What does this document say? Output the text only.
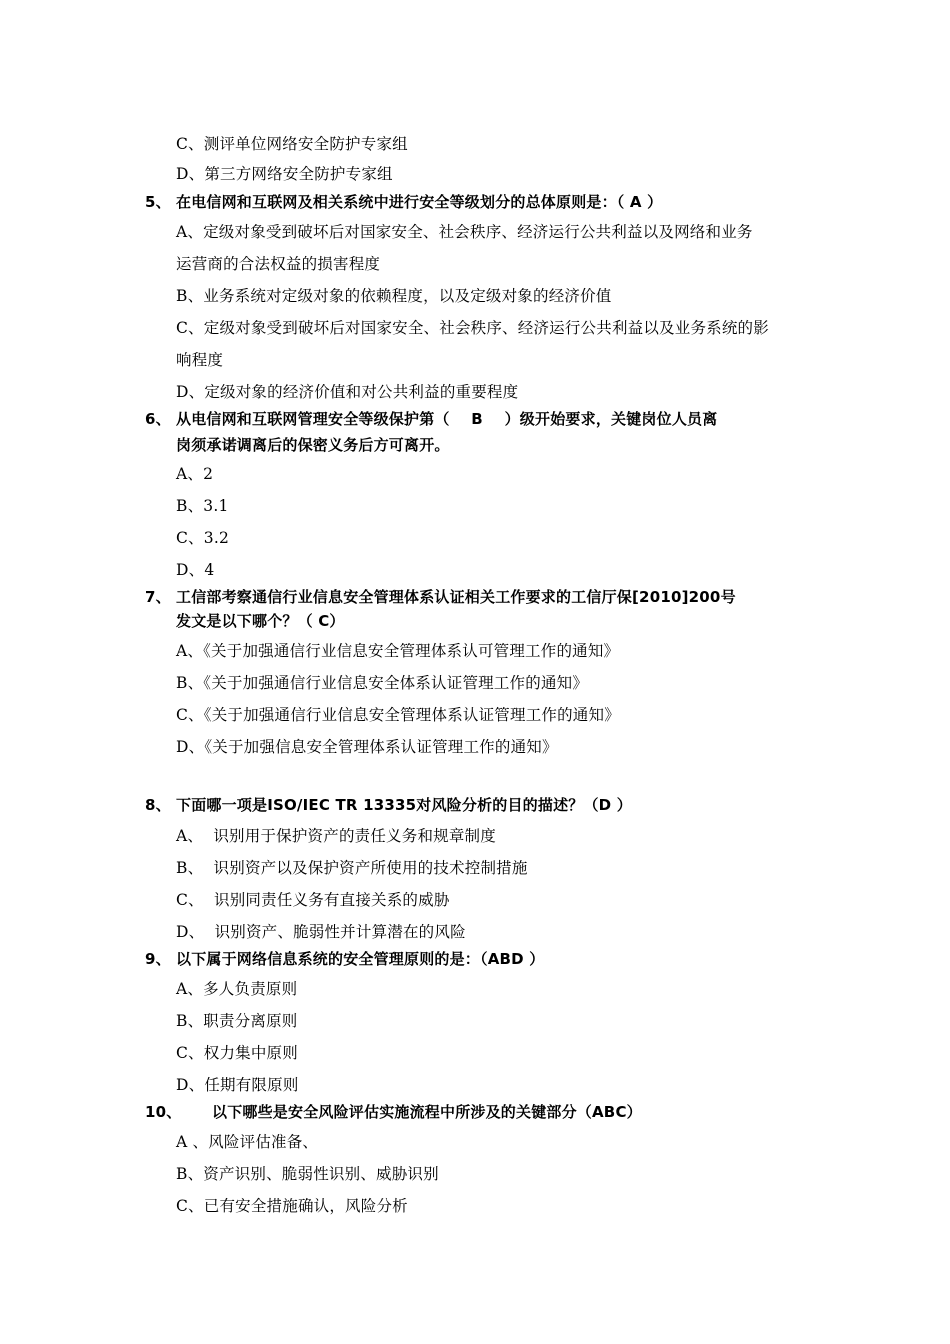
C、测评单位网络安全防护专家组
D、第三方网络安全防护专家组
5、 在电信网和互联网及相关系统中进行安全等级划分的总体原则是：（ A ）
A、定级对象受到破坏后对国家安全、社会秩序、经济运行公共利益以及网络和业务
运营商的合法权益的损害程度
B、业务系统对定级对象的依赖程度，以及定级对象的经济价值
C、定级对象受到破坏后对国家安全、社会秩序、经济运行公共利益以及业务系统的影
响程度
D、定级对象的经济价值和对公共利益的重要程度
6、 从电信网和互联网管理安全等级保护第（    B    ）级开始要求，关键岗位人员离
岗须承诺调离后的保密义务后方可离开。
A、2
B、3.1
C、3.2
D、4
7、 工信部考察通信行业信息安全管理体系认证相关工作要求的工信厅保[2010]200号
发文是以下哪个？（ C）
A、《关于加强通信行业信息安全管理体系认可管理工作的通知》
B、《关于加强通信行业信息安全体系认证管理工作的通知》
C、《关于加强通信行业信息安全管理体系认证管理工作的通知》
D、《关于加强信息安全管理体系认证管理工作的通知》
8、 下面哪一项是ISO/IEC TR 13335对风险分析的目的描述？（D ）
A、  识别用于保护资产的责任义务和规章制度
B、  识别资产以及保护资产所使用的技术控制措施
C、  识别同责任义务有直接关系的威胁
D、  识别资产、脆弱性并计算潜在的风险
9、 以下属于网络信息系统的安全管理原则的是：（ABD ）
A、多人负责原则
B、职责分离原则
C、权力集中原则
D、任期有限原则
10、 以下哪些是安全风险评估实施流程中所涉及的关键部分（ABC）
A 、风险评估准备、
B、资产识别、脆弱性识别、威胁识别
C、已有安全措施确认，风险分析
